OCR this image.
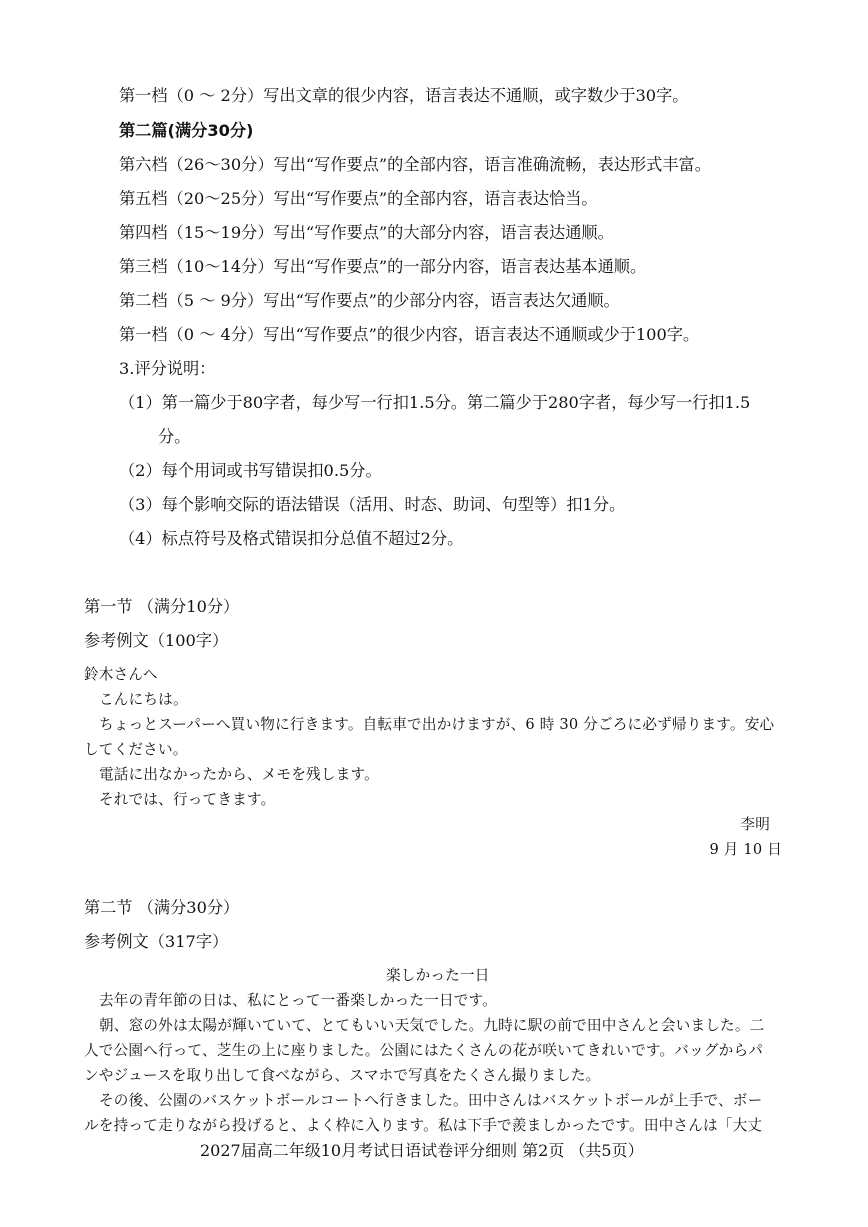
第一档（0 ～ 2分）写出文章的很少内容，语言表达不通顺，或字数少于30字。
第二篇(满分30分)
第六档（26～30分）写出“写作要点”的全部内容，语言准确流畅，表达形式丰富。
第五档（20～25分）写出“写作要点”的全部内容，语言表达恰当。
第四档（15～19分）写出“写作要点”的大部分内容，语言表达通顺。
第三档（10～14分）写出“写作要点”的一部分内容，语言表达基本通顺。
第二档（5 ～ 9分）写出“写作要点”的少部分内容，语言表达欠通顺。
第一档（0 ～ 4分）写出“写作要点”的很少内容，语言表达不通顺或少于100字。
3.评分说明：
（1）第一篇少于80字者，每少写一行扣1.5分。第二篇少于280字者，每少写一行扣1.5
分。
（2）每个用词或书写错误扣0.5分。
（3）每个影响交际的语法错误（活用、时态、助词、句型等）扣1分。
（4）标点符号及格式错误扣分总值不超过2分。
第一节 （满分10分）
参考例文（100字）
鈴木さんへ
こんにちは。
ちょっとスーパーへ買い物に行きます。自転車で出かけますが、6 時 30 分ごろに必ず帰ります。安心
してください。
電話に出なかったから、メモを残します。
それでは、行ってきます。
李明
9 月 10 日
第二节 （满分30分）
参考例文（317字）
楽しかった一日
去年の青年節の日は、私にとって一番楽しかった一日です。
朝、窓の外は太陽が輝いていて、とてもいい天気でした。九時に駅の前で田中さんと会いました。二
人で公園へ行って、芝生の上に座りました。公園にはたくさんの花が咲いてきれいです。バッグからパ
ンやジュースを取り出して食べながら、スマホで写真をたくさん撮りました。
その後、公園のバスケットボールコートへ行きました。田中さんはバスケットボールが上手で、ボー
ルを持って走りながら投げると、よく枠に入ります。私は下手で羨ましかったです。田中さんは「大丈
2027届高二年级10月考试日语试卷评分细则 第2页 （共5页）
